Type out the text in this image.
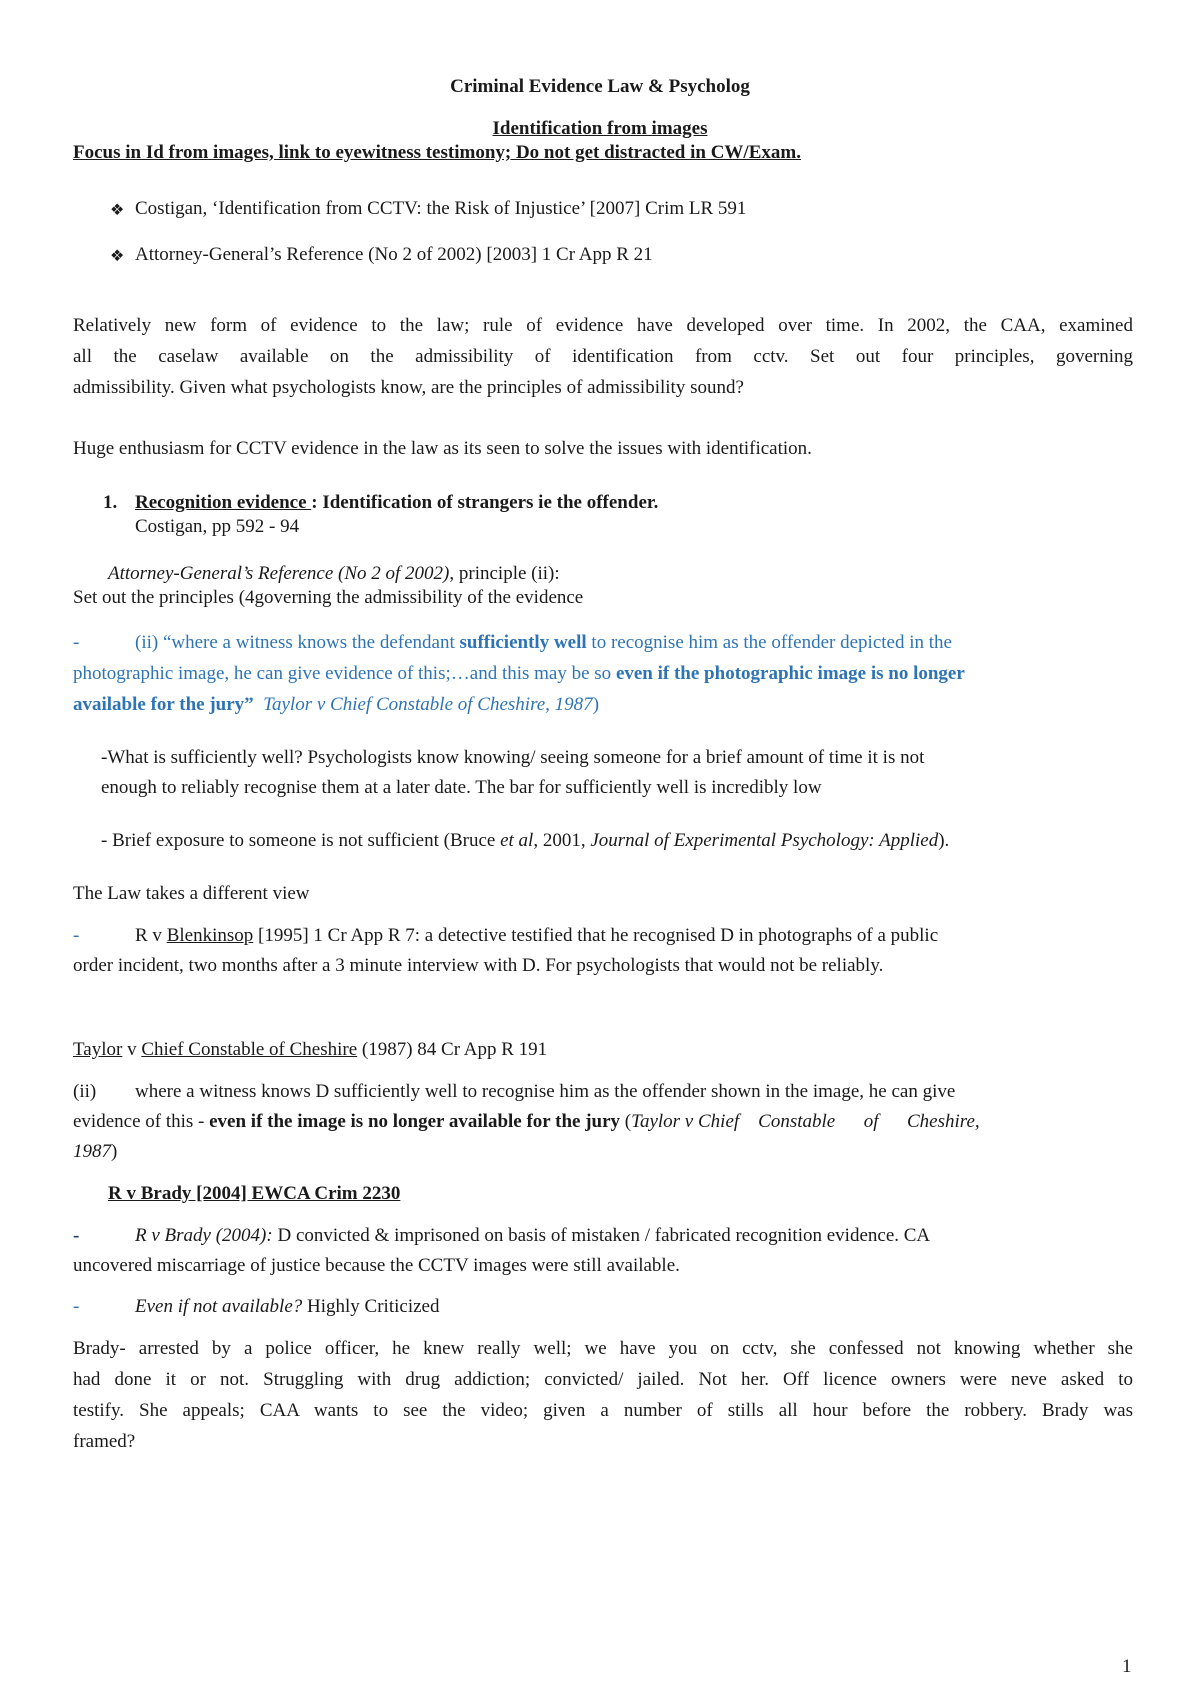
Criminal Evidence Law & Psycholog
Identification from images
Focus in Id from images, link to eyewitness testimony; Do not get distracted in CW/Exam.
❖ Costigan, ‘Identification from CCTV: the Risk of Injustice’ [2007] Crim LR 591
❖ Attorney-General’s Reference (No 2 of 2002) [2003] 1 Cr App R 21
Relatively new form of evidence to the law; rule of evidence have developed over time. In 2002, the CAA, examined
all the caselaw available on the admissibility of identification from cctv. Set out four principles, governing
admissibility. Given what psychologists know, are the principles of admissibility sound?
Huge enthusiasm for CCTV evidence in the law as its seen to solve the issues with identification.
1. Recognition evidence : Identification of strangers ie the offender.
Costigan, pp 592 - 94
Attorney-General’s Reference (No 2 of 2002), principle (ii):
Set out the principles (4governing the admissibility of the evidence
-	(ii) “where a witness knows the defendant sufficiently well to recognise him as the offender depicted in the
photographic image, he can give evidence of this;…and this may be so even if the photographic image is no longer
available for the jury” Taylor v Chief Constable of Cheshire, 1987)
-What is sufficiently well? Psychologists know knowing/ seeing someone for a brief amount of time it is not
enough to reliably recognise them at a later date. The bar for sufficiently well is incredibly low
- Brief exposure to someone is not sufficient (Bruce et al, 2001, Journal of Experimental Psychology: Applied).
The Law takes a different view
-	R v Blenkinsop [1995] 1 Cr App R 7: a detective testified that he recognised D in photographs of a public
order incident, two months after a 3 minute interview with D. For psychologists that would not be reliably.
Taylor v Chief Constable of Cheshire (1987) 84 Cr App R 191
(ii)	where a witness knows D sufficiently well to recognise him as the offender shown in the image, he can give
evidence of this - even if the image is no longer available for the jury (Taylor v Chief    Constable      of      Cheshire,
1987)
R v Brady [2004] EWCA Crim 2230
-	R v Brady (2004): D convicted & imprisoned on basis of mistaken / fabricated recognition evidence. CA
uncovered miscarriage of justice because the CCTV images were still available.
-	Even if not available? Highly Criticized
Brady- arrested by a police officer, he knew really well; we have you on cctv, she confessed not knowing whether she
had done it or not. Struggling with drug addiction; convicted/ jailed. Not her. Off licence owners were neve asked to
testify. She appeals; CAA wants to see the video; given a number of stills all hour before the robbery. Brady was
framed?
1
